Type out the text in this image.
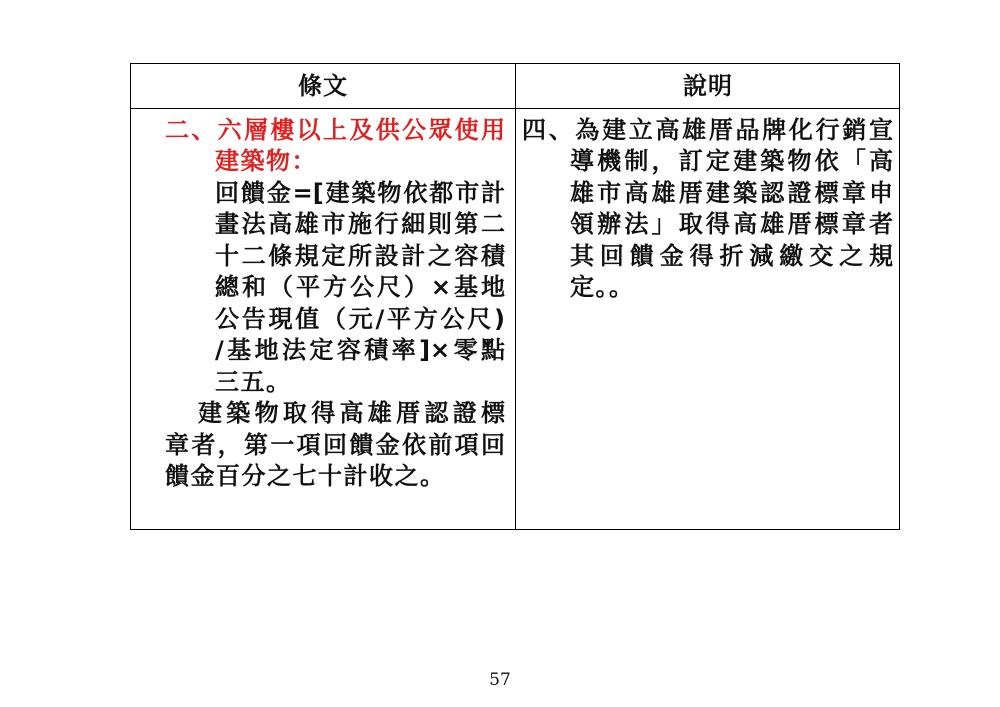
條文	說明
二、六層樓以上及供公眾使用
建築物：
回饋金=[建築物依都市計
畫法高雄市施行細則第二
十二條規定所設計之容積
總和（平方公尺）×基地
公告現值（元/平方公尺)
/基地法定容積率]×零點
三五。
建築物取得高雄厝認證標
章者，第一項回饋金依前項回
饋金百分之七十計收之。
四、為建立高雄厝品牌化行銷宣
導機制，訂定建築物依「高
雄市高雄厝建築認證標章申
領辦法」取得高雄厝標章者
其回饋金得折減繳交之規
定。。
57
